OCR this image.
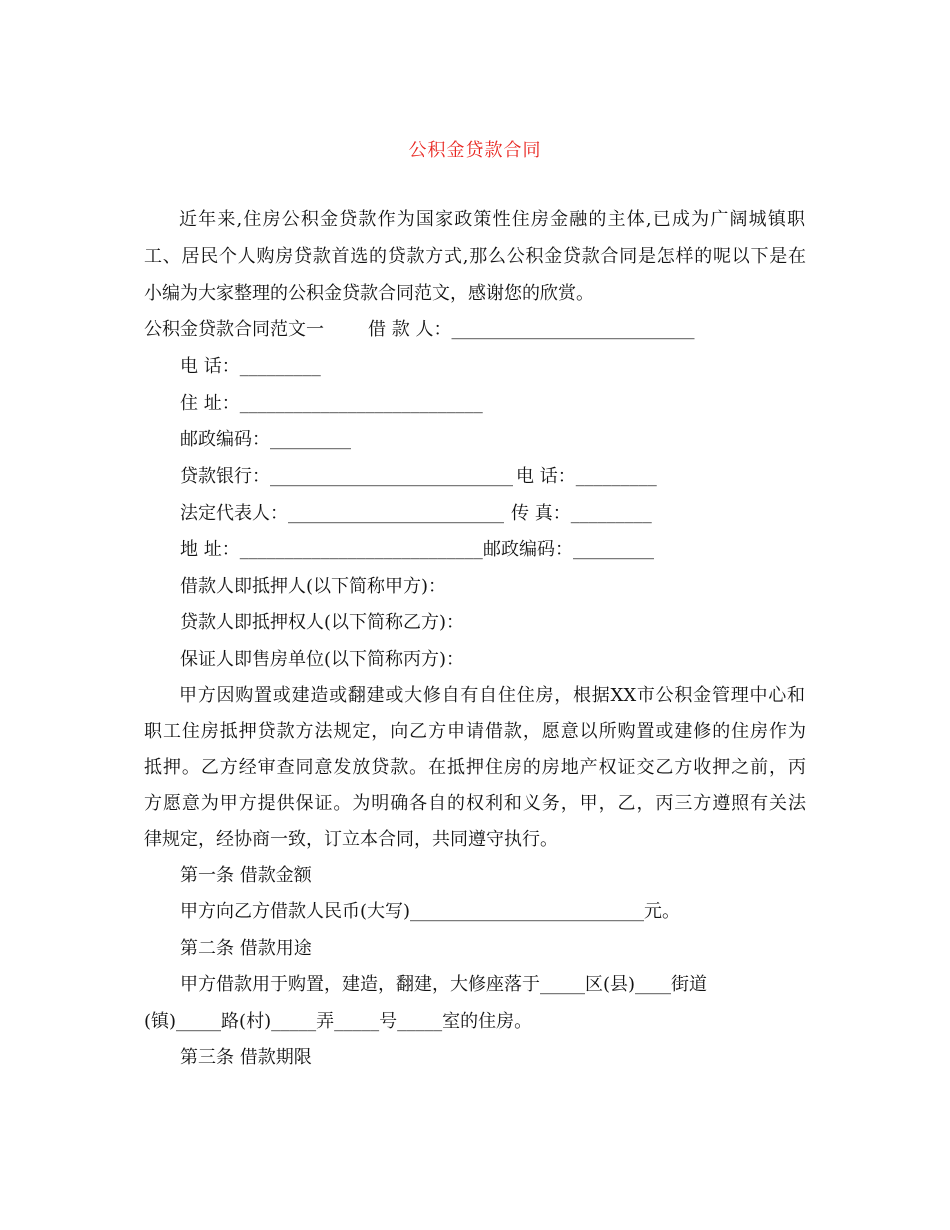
公积金贷款合同
近年来,住房公积金贷款作为国家政策性住房金融的主体,已成为广阔城镇职
工、居民个人购房贷款首选的贷款方式,那么公积金贷款合同是怎样的呢以下是在
小编为大家整理的公积金贷款合同范文，感谢您的欣赏。
公积金贷款合同范文一 借 款 人：___________________________
电 话：_________
住 址：___________________________
邮政编码：_________
贷款银行：___________________________ 电 话：_________
法定代表人：________________________ 传 真：_________
地 址：___________________________ 邮政编码：_________
借款人即抵押人(以下简称甲方)：
贷款人即抵押权人(以下简称乙方)：
保证人即售房单位(以下简称丙方)：
甲方因购置或建造或翻建或大修自有自住住房，根据XX市公积金管理中心和
职工住房抵押贷款方法规定，向乙方申请借款，愿意以所购置或建修的住房作为
抵押。乙方经审查同意发放贷款。在抵押住房的房地产权证交乙方收押之前，丙
方愿意为甲方提供保证。为明确各自的权利和义务，甲，乙，丙三方遵照有关法
律规定，经协商一致，订立本合同，共同遵守执行。
第一条 借款金额
甲方向乙方借款人民币(大写)__________________________元。
第二条 借款用途
甲方借款用于购置，建造，翻建，大修座落于_____区(县)____街道
(镇)_____路(村)_____弄_____号_____室的住房。
第三条 借款期限
